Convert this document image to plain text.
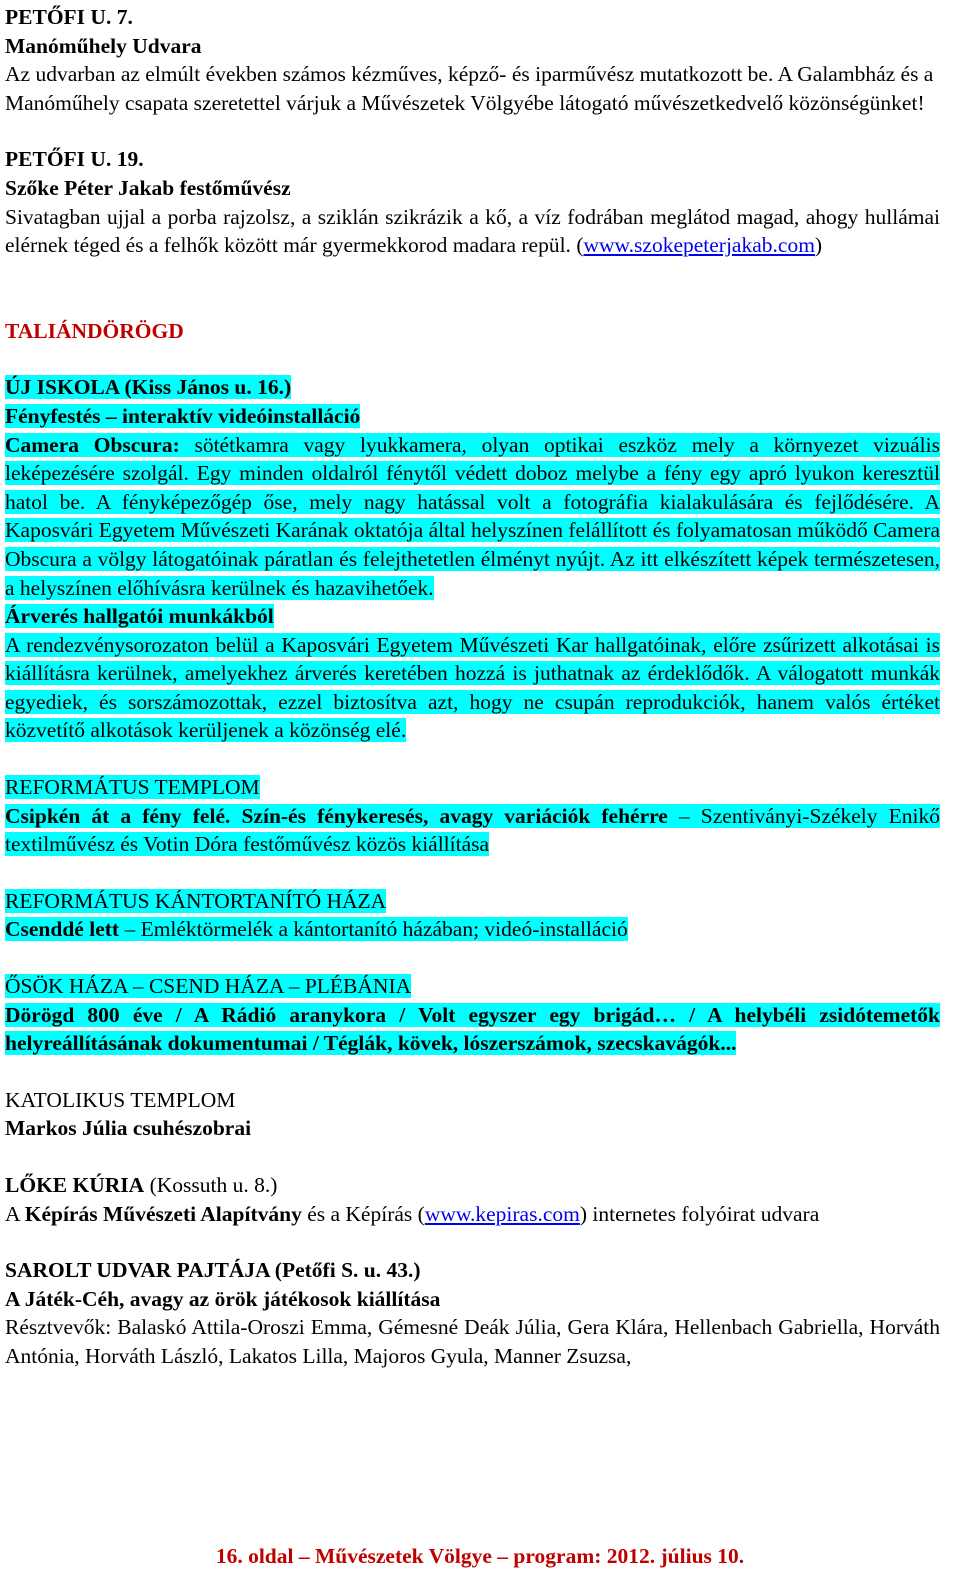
PETŐFI U. 7.

Manóműhely Udvara

Az udvarban az elmúlt években számos kézműves, képző- és iparművész mutatkozott be. A Galambház és a Manóműhely csapata szeretettel várjuk a Művészetek Völgyébe látogató művészetkedvelő közönségünket!

PETŐFI U. 19.

Szőke Péter Jakab festőművész

Sivatagban ujjal a porba rajzolsz, a sziklán szikrázik a kő, a víz fodrában meglátod magad, ahogy hullámai elérnek téged és a felhők között már gyermekkorod madara repül. (www.szokepeterjakab.com)

TALIÁNDÖRÖGD

ÚJ ISKOLA (Kiss János u. 16.)

Fényfestés – interaktív videóinstalláció

Camera Obscura: sötétkamra vagy lyukkamera, olyan optikai eszköz mely a környezet vizuális leképezésére szolgál. Egy minden oldalról fénytől védett doboz melybe a fény egy apró lyukon keresztül hatol be. A fényképezőgép őse, mely nagy hatással volt a fotográfia kialakulására és fejlődésére. A Kaposvári Egyetem Művészeti Karának oktatója által helyszínen felállított és folyamatosan működő Camera Obscura a völgy látogatóinak páratlan és felejthetetlen élményt nyújt. Az itt elkészített képek természetesen, a helyszínen előhívásra kerülnek és hazavihetőek.

Árverés hallgatói munkákból

A rendezvénysorozaton belül a Kaposvári Egyetem Művészeti Kar hallgatóinak, előre zsűrizett alkotásai is kiállításra kerülnek, amelyekhez árverés keretében hozzá is juthatnak az érdeklődők. A válogatott munkák egyediek, és sorszámozottak, ezzel biztosítva azt, hogy ne csupán reprodukciók, hanem valós értéket közvetítő alkotások kerüljenek a közönség elé.

REFORMÁTUS TEMPLOM

Csipkén át a fény felé. Szín-és fénykeresés, avagy variációk fehérre – Szentiványi-Székely Enikő textilművész és Votin Dóra festőművész közös kiállítása

REFORMÁTUS KÁNTORTANÍTÓ HÁZA

Csenddé lett – Emléktörmelék a kántortanító házában; videó-installáció

ŐSÖK HÁZA – CSEND HÁZA – PLÉBÁNIA

Dörögd 800 éve / A Rádió aranykora / Volt egyszer egy brigád… / A helybéli zsidótemetők helyreállításának dokumentumai / Téglák, kövek, lószerszámok, szecskavágók...

KATOLIKUS TEMPLOM

Markos Júlia csuhészobrai

LŐKE KÚRIA (Kossuth u. 8.)

A Képírás Művészeti Alapítvány és a Képírás (www.kepiras.com) internetes folyóirat udvara

SAROLT UDVAR PAJTÁJA (Petőfi S. u. 43.)

A Játék-Céh, avagy az örök játékosok kiállítása

Résztvevők: Balaskó Attila-Oroszi Emma, Gémesné Deák Júlia, Gera Klára, Hellenbach Gabriella, Horváth Antónia, Horváth László, Lakatos Lilla, Majoros Gyula, Manner Zsuzsa,

16. oldal – Művészetek Völgye – program: 2012. július 10.
